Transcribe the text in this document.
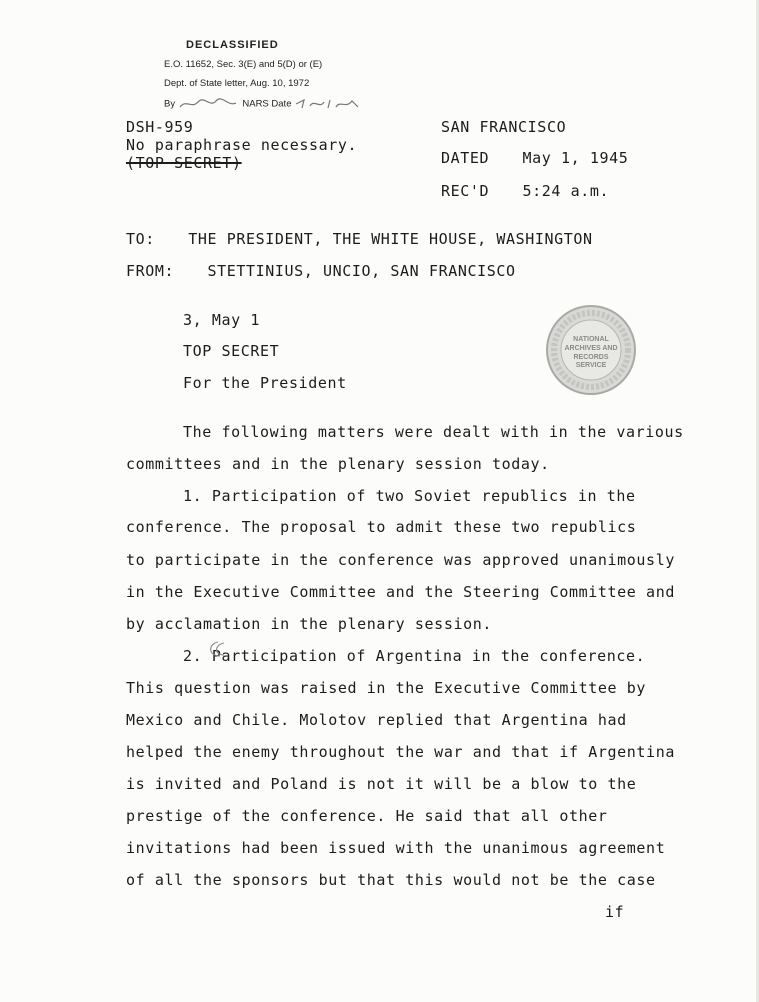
DECLASSIFIED
E.O. 11652, Sec. 3(E) and 5(D) or (E)
Dept. of State letter, Aug. 10, 1972
By	NARS Date
DSH-959
No paraphrase necessary.
(TOP SECRET)
SAN FRANCISCO
DATED May 1, 1945
REC'D 5:24 a.m.
TO: THE PRESIDENT, THE WHITE HOUSE, WASHINGTON
FROM: STETTINIUS, UNCIO, SAN FRANCISCO
3, May 1
TOP SECRET
For the President
NATIONAL
ARCHIVES AND
RECORDS
SERVICE
The following matters were dealt with in the various
committees and in the plenary session today.
1. Participation of two Soviet republics in the
conference. The proposal to admit these two republics
to participate in the conference was approved unanimously
in the Executive Committee and the Steering Committee and
by acclamation in the plenary session.
2. Participation of Argentina in the conference.
This question was raised in the Executive Committee by
Mexico and Chile. Molotov replied that Argentina had
helped the enemy throughout the war and that if Argentina
is invited and Poland is not it will be a blow to the
prestige of the conference. He said that all other
invitations had been issued with the unanimous agreement
of all the sponsors but that this would not be the case
if
